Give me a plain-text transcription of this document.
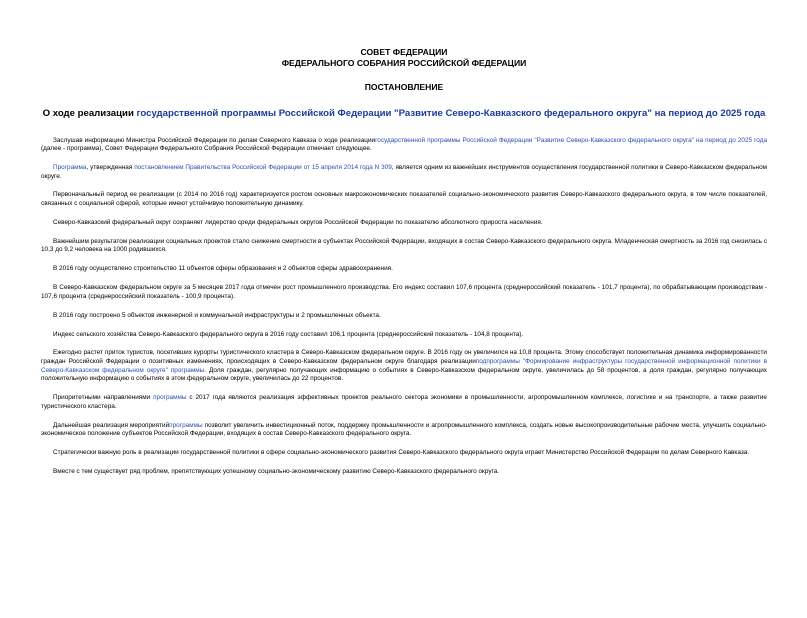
СОВЕТ ФЕДЕРАЦИИ
ФЕДЕРАЛЬНОГО СОБРАНИЯ РОССИЙСКОЙ ФЕДЕРАЦИИ
ПОСТАНОВЛЕНИЕ
О ходе реализации государственной программы Российской Федерации "Развитие Северо-Кавказского федерального округа" на период до 2025 года

Заслушав информацию Министра Российской Федерации по делам Северного Кавказа о ходе реализациигосударственной программы Российской Федерации "Развитие Северо-Кавказского федерального округа" на период до 2025 года (далее - программа), Совет Федерации Федерального Собрания Российской Федерации отмечает следующее.

Программа, утвержденная постановлением Правительства Российской Федерации от 15 апреля 2014 года N 309, является одним из важнейших инструментов осуществления государственной политики в Северо-Кавказском федеральном округе.

Первоначальный период ее реализации (с 2014 по 2016 год) характеризуется ростом основных макроэкономических показателей социально-экономического развития Северо-Кавказского федерального округа, в том числе показателей, связанных с социальной сферой, которые имеют устойчивую положительную динамику.

Северо-Кавказский федеральный округ сохраняет лидерство среди федеральных округов Российской Федерации по показателю абсолютного прироста населения.

Важнейшим результатом реализации социальных проектов стало снижение смертности в субъектах Российской Федерации, входящих в состав Северо-Кавказского федерального округа. Младенческая смертность за 2016 год снизилась с 10,3 до 9,2 человека на 1000 родившихся.

В 2016 году осуществлено строительство 11 объектов сферы образования и 2 объектов сферы здравоохранения.

В Северо-Кавказском федеральном округе за 5 месяцев 2017 года отмечен рост промышленного производства. Его индекс составил 107,6 процента (среднероссийский показатель - 101,7 процента), по обрабатывающим производствам - 107,6 процента (среднероссийский показатель - 100,9 процента).

В 2016 году построено 5 объектов инженерной и коммунальной инфраструктуры и 2 промышленных объекта.

Индекс сельского хозяйства Северо-Кавказского федерального округа в 2016 году составил 106,1 процента (среднероссийский показатель - 104,8 процента).

Ежегодно растет приток туристов, посетивших курорты туристического кластера в Северо-Кавказском федеральном округе. В 2016 году он увеличился на 10,8 процента. Этому способствует положительная динамика информированности граждан Российской Федерации о позитивных изменениях, происходящих в Северо-Кавказском федеральном округе благодаря реализацииподпрограммы "Формирование инфраструктуры государственной информационной политики в Северо-Кавказском федеральном округе" программы. Доля граждан, регулярно получающих информацию о событиях в Северо-Кавказском федеральном округе, увеличилась до 58 процентов, а доля граждан, регулярно получающих положительную информацию о событиях в этом федеральном округе, увеличилась до 22 процентов.

Приоритетными направлениями программы с 2017 года являются реализация эффективных проектов реального сектора экономики в промышленности, агропромышленном комплексе, логистике и на транспорте, а также развитие туристического кластера.

Дальнейшая реализация мероприятийпрограммы позволит увеличить инвестиционный поток, поддержку промышленности и агропромышленного комплекса, создать новые высокопроизводительные рабочие места, улучшить социально-экономическое положение субъектов Российской Федерации, входящих в состав Северо-Кавказского федерального округа.

Стратегически важную роль в реализации государственной политики в сфере социально-экономического развития Северо-Кавказского федерального округа играет Министерство Российской Федерации по делам Северного Кавказа.

Вместе с тем существует ряд проблем, препятствующих успешному социально-экономическому развитию Северо-Кавказского федерального округа.
